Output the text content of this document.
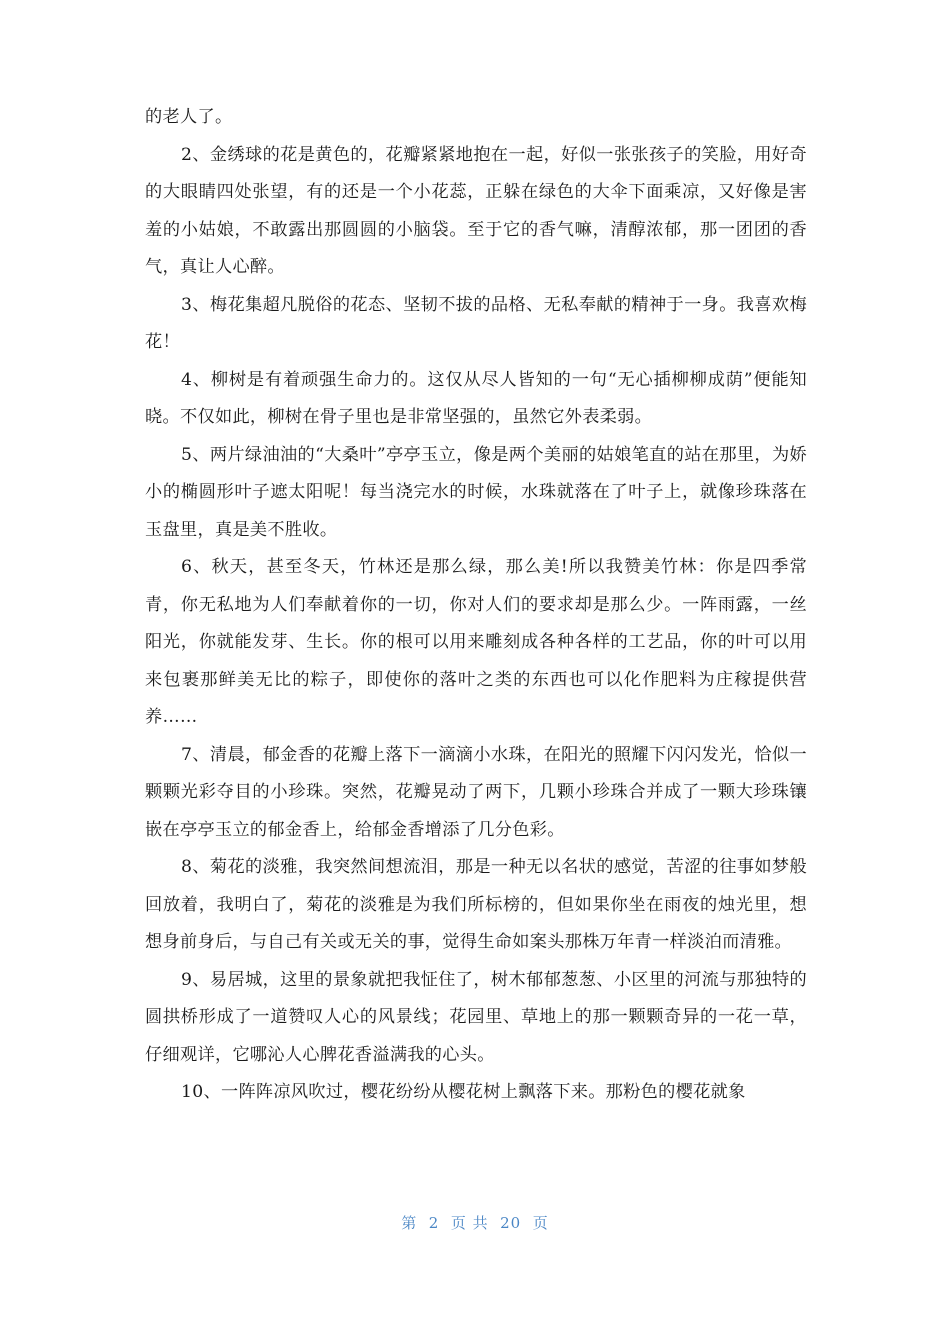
的老人了。

2、金绣球的花是黄色的，花瓣紧紧地抱在一起，好似一张张孩子的笑脸，用好奇的大眼睛四处张望，有的还是一个小花蕊，正躲在绿色的大伞下面乘凉，又好像是害羞的小姑娘，不敢露出那圆圆的小脑袋。至于它的香气嘛，清醇浓郁，那一团团的香气，真让人心醉。

3、梅花集超凡脱俗的花态、坚韧不拔的品格、无私奉献的精神于一身。我喜欢梅花！

4、柳树是有着顽强生命力的。这仅从尽人皆知的一句“无心插柳柳成荫”便能知晓。不仅如此，柳树在骨子里也是非常坚强的，虽然它外表柔弱。

5、两片绿油油的“大桑叶”亭亭玉立，像是两个美丽的姑娘笔直的站在那里，为娇小的椭圆形叶子遮太阳呢！每当浇完水的时候，水珠就落在了叶子上，就像珍珠落在玉盘里，真是美不胜收。

6、秋天，甚至冬天，竹林还是那么绿，那么美!所以我赞美竹林：你是四季常青，你无私地为人们奉献着你的一切，你对人们的要求却是那么少。一阵雨露，一丝阳光，你就能发芽、生长。你的根可以用来雕刻成各种各样的工艺品，你的叶可以用来包裹那鲜美无比的粽子，即使你的落叶之类的东西也可以化作肥料为庄稼提供营养……

7、清晨，郁金香的花瓣上落下一滴滴小水珠，在阳光的照耀下闪闪发光，恰似一颗颗光彩夺目的小珍珠。突然，花瓣晃动了两下，几颗小珍珠合并成了一颗大珍珠镶嵌在亭亭玉立的郁金香上，给郁金香增添了几分色彩。

8、菊花的淡雅，我突然间想流泪，那是一种无以名状的感觉，苦涩的往事如梦般回放着，我明白了，菊花的淡雅是为我们所标榜的，但如果你坐在雨夜的烛光里，想想身前身后，与自己有关或无关的事，觉得生命如案头那株万年青一样淡泊而清雅。

9、易居城，这里的景象就把我怔住了，树木郁郁葱葱、小区里的河流与那独特的圆拱桥形成了一道赞叹人心的风景线；花园里、草地上的那一颗颗奇异的一花一草，仔细观详，它哪沁人心脾花香溢满我的心头。

10、一阵阵凉风吹过，樱花纷纷从樱花树上飘落下来。那粉色的樱花就象

第  2  页 共  20  页
